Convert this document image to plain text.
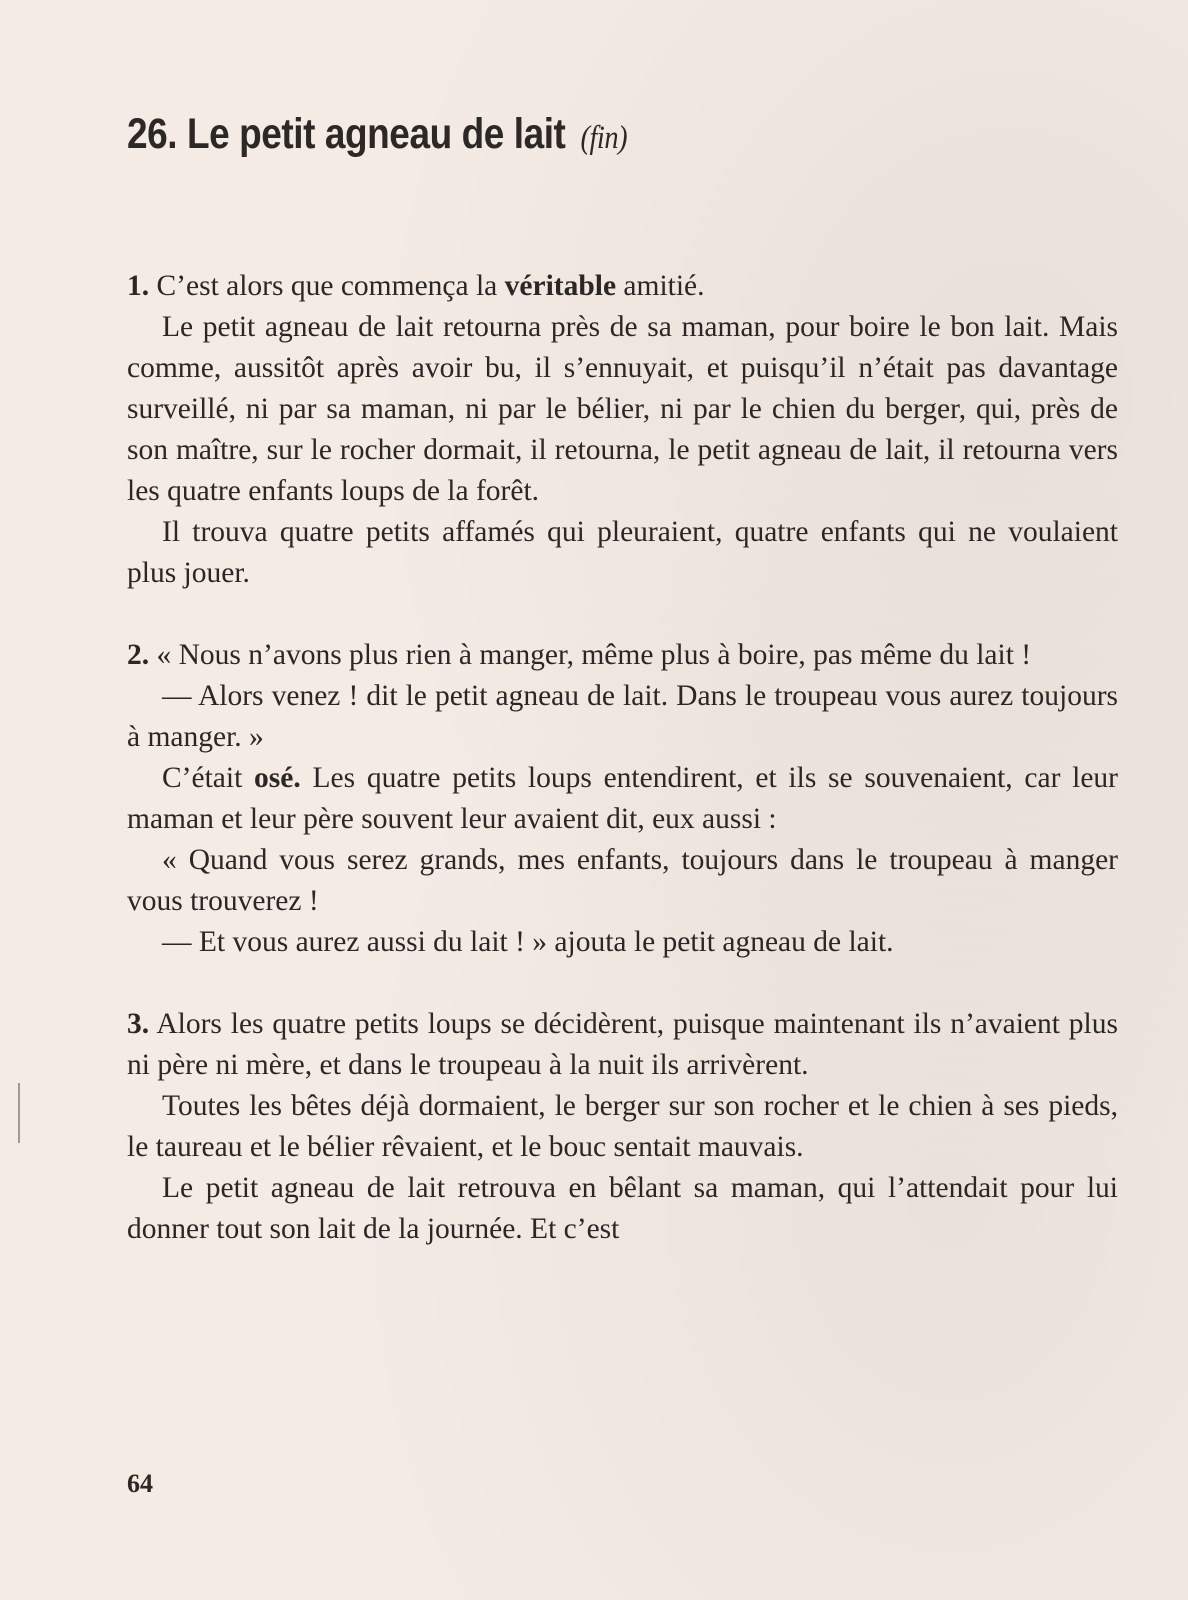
26. Le petit agneau de lait (fin)

1. C’est alors que commença la véritable amitié.

Le petit agneau de lait retourna près de sa maman, pour boire le bon lait. Mais comme, aussitôt après avoir bu, il s’ennuyait, et puisqu’il n’était pas davantage surveillé, ni par sa maman, ni par le bélier, ni par le chien du berger, qui, près de son maître, sur le rocher dormait, il retourna, le petit agneau de lait, il retourna vers les quatre enfants loups de la forêt.

Il trouva quatre petits affamés qui pleuraient, quatre enfants qui ne voulaient plus jouer.

2. « Nous n’avons plus rien à manger, même plus à boire, pas même du lait !

— Alors venez ! dit le petit agneau de lait. Dans le troupeau vous aurez toujours à manger. »

C’était osé. Les quatre petits loups entendirent, et ils se souvenaient, car leur maman et leur père souvent leur avaient dit, eux aussi :

« Quand vous serez grands, mes enfants, toujours dans le troupeau à manger vous trouverez !

— Et vous aurez aussi du lait ! » ajouta le petit agneau de lait.

3. Alors les quatre petits loups se décidèrent, puisque maintenant ils n’avaient plus ni père ni mère, et dans le troupeau à la nuit ils arrivèrent.

Toutes les bêtes déjà dormaient, le berger sur son rocher et le chien à ses pieds, le taureau et le bélier rêvaient, et le bouc sentait mauvais.

Le petit agneau de lait retrouva en bêlant sa maman, qui l’attendait pour lui donner tout son lait de la journée. Et c’est

64
